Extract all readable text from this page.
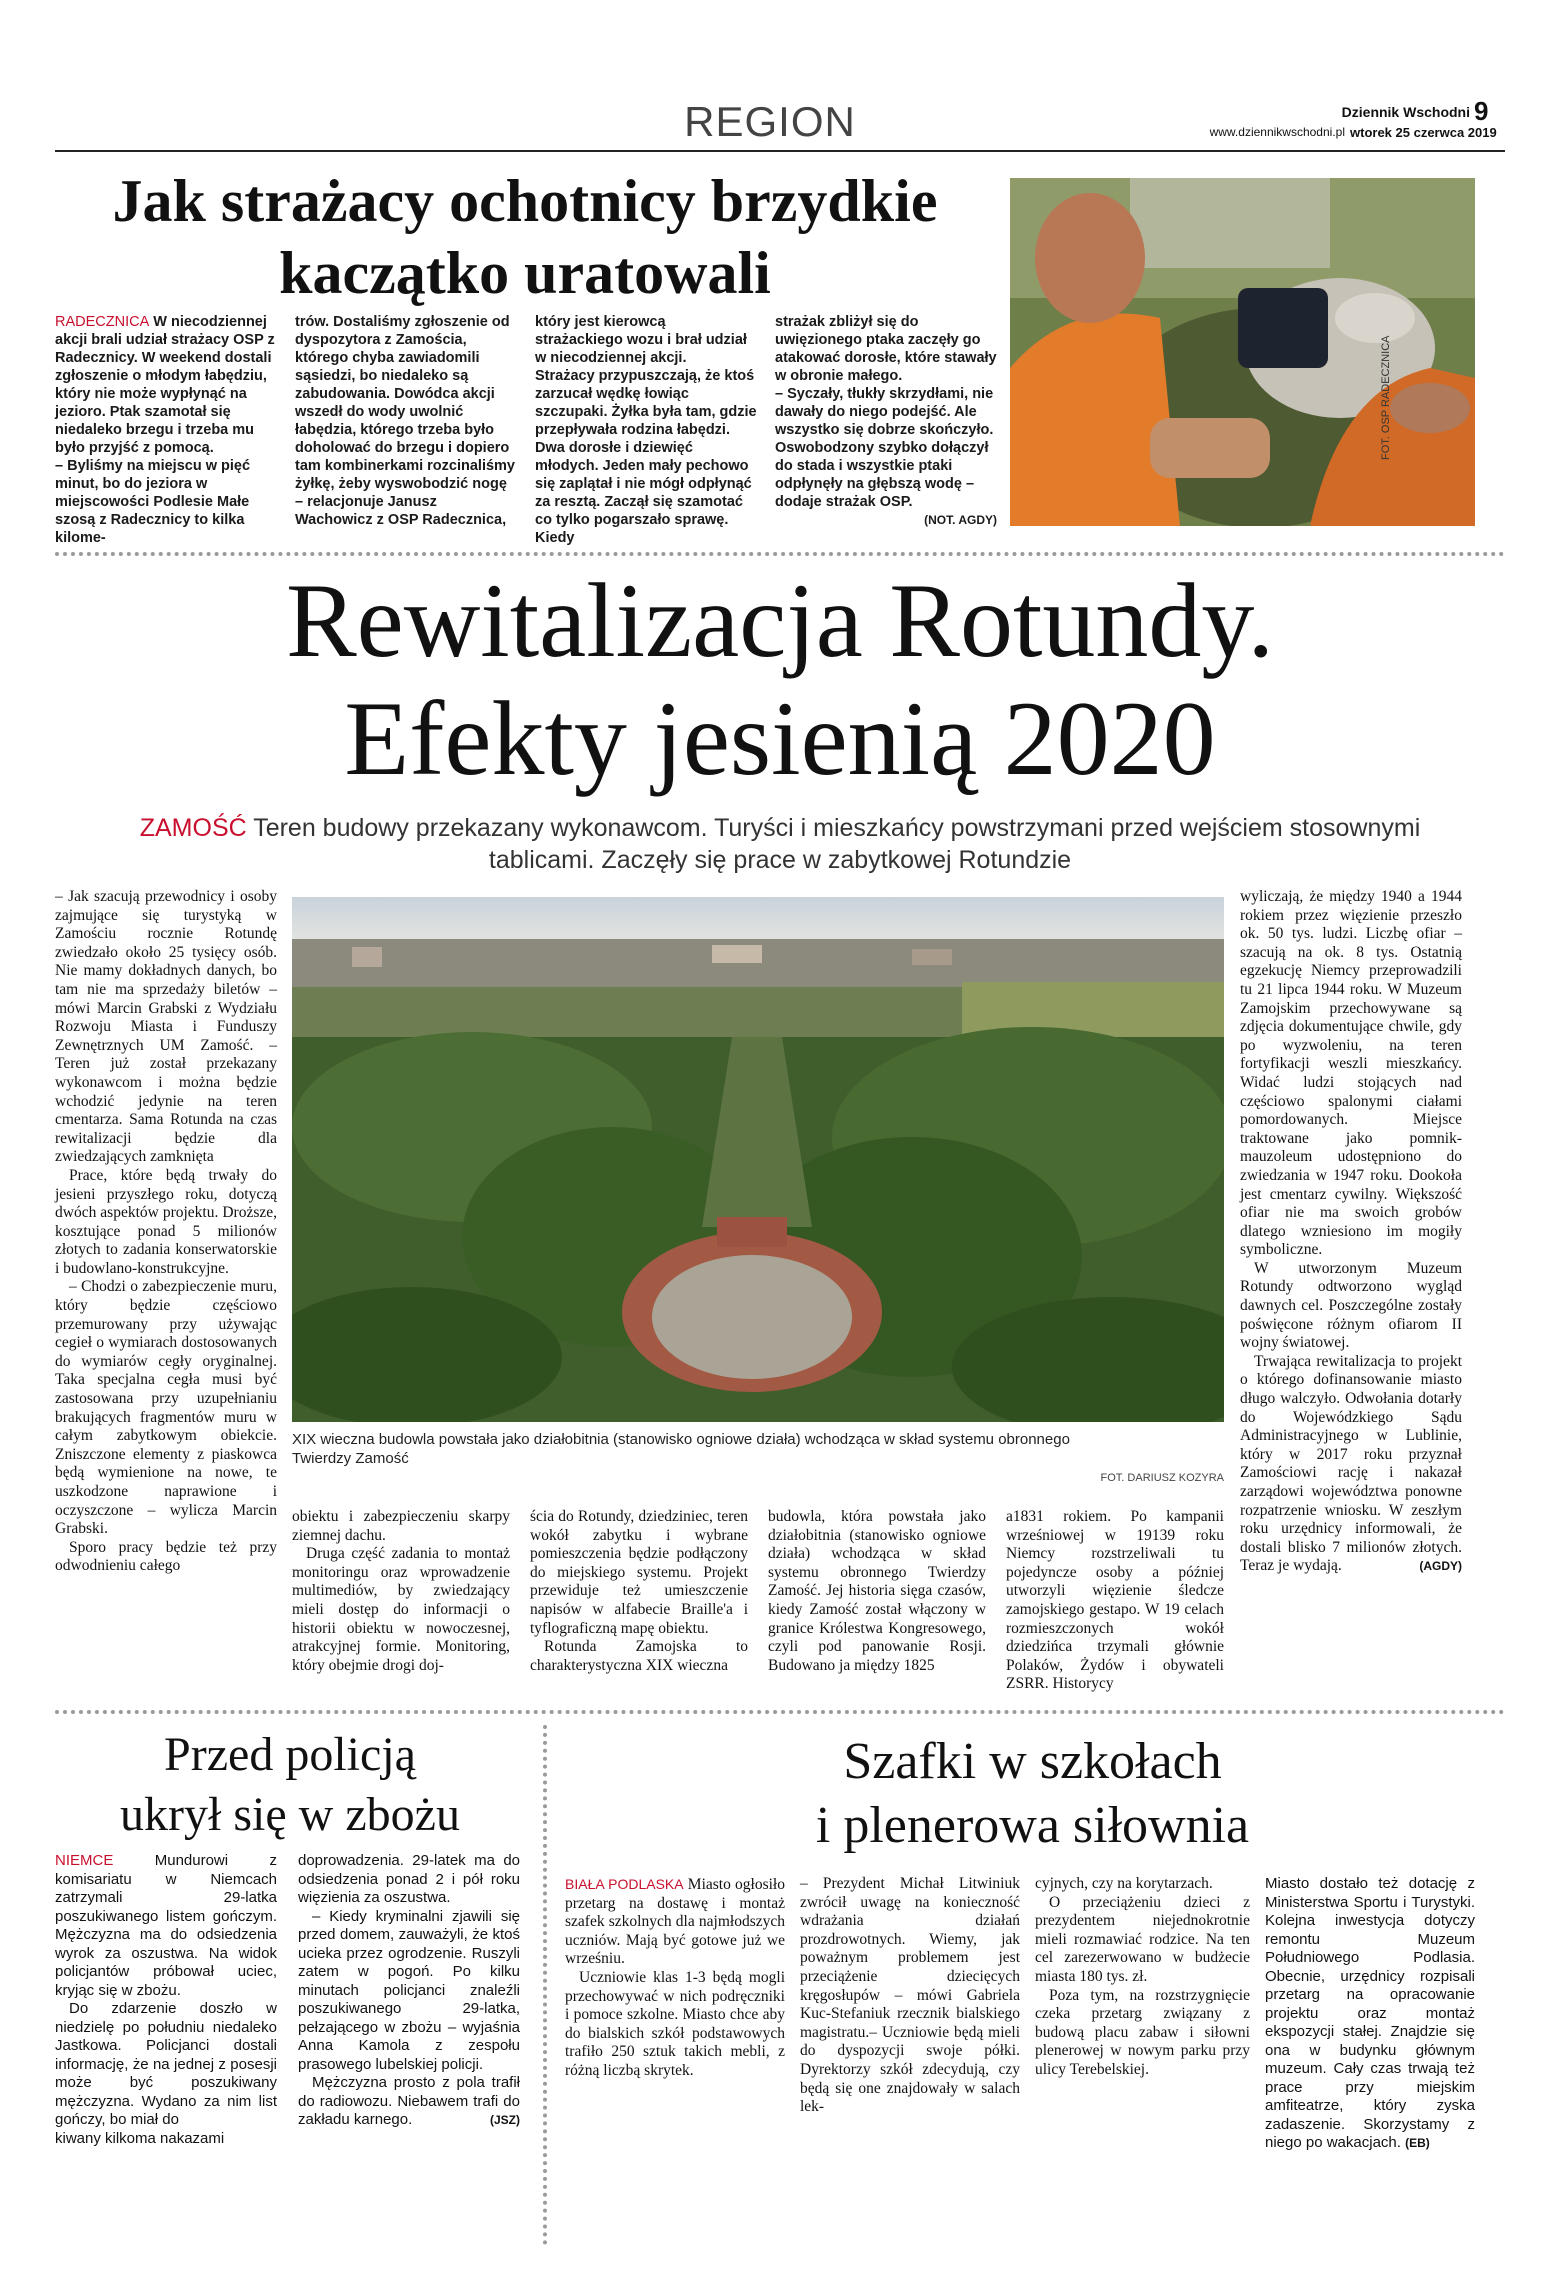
REGION	Dziennik Wschodni 9
www.dziennikwschodni.pl wtorek 25 czerwca 2019
Jak strażacy ochotnicy brzydkie
kaczątko uratowali

RADECZNICA W niecodziennej akcji brali udział strażacy OSP z Radecznicy. W weekend dostali zgłoszenie o młodym łabędziu, który nie może wypłynąć na jezioro. Ptak szamotał się niedaleko brzegu i trzeba mu było przyjść z pomocą.

– Byliśmy na miejscu w pięć minut, bo do jeziora w miejscowości Podlesie Małe szosą z Radecznicy to kilka kilome-

trów. Dostaliśmy zgłoszenie od dyspozytora z Zamościa, którego chyba zawiadomili sąsiedzi, bo niedaleko są zabudowania. Dowódca akcji wszedł do wody uwolnić łabędzia, którego trzeba było doholować do brzegu i dopiero tam kombinerkami rozcinaliśmy żyłkę, żeby wyswobodzić nogę – relacjonuje Janusz Wachowicz z OSP Radecznica,

który jest kierowcą strażackiego wozu i brał udział w niecodziennej akcji.

Strażacy przypuszczają, że ktoś zarzucał wędkę łowiąc szczupaki. Żyłka była tam, gdzie przepływała rodzina łabędzi. Dwa dorosłe i dziewięć młodych. Jeden mały pechowo się zaplątał i nie mógł odpłynąć za resztą. Zaczął się szamotać co tylko pogarszało sprawę. Kiedy

strażak zbliżył się do uwięzionego ptaka zaczęły go atakować dorosłe, które stawały w obronie małego.

– Syczały, tłukły skrzydłami, nie dawały do niego podejść. Ale wszystko się dobrze skończyło. Oswobodzony szybko dołączył do stada i wszystkie ptaki odpłynęły na głębszą wodę – dodaje strażak OSP.

(NOT. AGDY)
FOT. OSP RADECZNICA
Rewitalizacja Rotundy.
Efekty jesienią 2020
ZAMOŚĆ Teren budowy przekazany wykonawcom. Turyści i mieszkańcy powstrzymani przed wejściem stosownymi
tablicami. Zaczęły się prace w zabytkowej Rotundzie

– Jak szacują przewodnicy i osoby zajmujące się turystyką w Zamościu rocznie Rotundę zwiedzało około 25 tysięcy osób. Nie mamy dokładnych danych, bo tam nie ma sprzedaży biletów – mówi Marcin Grabski z Wydziału Rozwoju Miasta i Funduszy Zewnętrznych UM Zamość. – Teren już został przekazany wykonawcom i można będzie wchodzić jedynie na teren cmentarza. Sama Rotunda na czas rewitalizacji będzie dla zwiedzających zamknięta

Prace, które będą trwały do jesieni przyszłego roku, dotyczą dwóch aspektów projektu. Droższe, kosztujące ponad 5 milionów złotych to zadania konserwatorskie i budowlano-konstrukcyjne.

– Chodzi o zabezpieczenie muru, który będzie częściowo przemurowany przy używając cegieł o wymiarach dostosowanych do wymiarów cegły oryginalnej. Taka specjalna cegła musi być zastosowana przy uzupełnianiu brakujących fragmentów muru w całym zabytkowym obiekcie. Zniszczone elementy z piaskowca będą wymienione na nowe, te uszkodzone naprawione i oczyszczone – wylicza Marcin Grabski.

Sporo pracy będzie też przy odwodnieniu całego

XIX wieczna budowla powstała jako działobitnia (stanowisko ogniowe działa) wchodząca w skład systemu obronnego Twierdzy Zamość
FOT. DARIUSZ KOZYRA

obiektu i zabezpieczeniu skarpy ziemnej dachu.

Druga część zadania to montaż monitoringu oraz wprowadzenie multimediów, by zwiedzający mieli dostęp do informacji o historii obiektu w nowoczesnej, atrakcyjnej formie. Monitoring, który obejmie drogi doj-

ścia do Rotundy, dziedziniec, teren wokół zabytku i wybrane pomieszczenia będzie podłączony do miejskiego systemu. Projekt przewiduje też umieszczenie napisów w alfabecie Braille'a i tyflograficzną mapę obiektu.

Rotunda Zamojska to charakterystyczna XIX wieczna

budowla, która powstała jako działobitnia (stanowisko ogniowe działa) wchodząca w skład systemu obronnego Twierdzy Zamość. Jej historia sięga czasów, kiedy Zamość został włączony w granice Królestwa Kongresowego, czyli pod panowanie Rosji. Budowano ja między 1825

a1831 rokiem. Po kampanii wrześniowej w 19139 roku Niemcy rozstrzeliwali tu pojedyncze osoby a później utworzyli więzienie śledcze zamojskiego gestapo. W 19 celach rozmieszczonych wokół dziedzińca trzymali głównie Polaków, Żydów i obywateli ZSRR. Historycy

wyliczają, że między 1940 a 1944 rokiem przez więzienie przeszło ok. 50 tys. ludzi. Liczbę ofiar – szacują na ok. 8 tys. Ostatnią egzekucję Niemcy przeprowadzili tu 21 lipca 1944 roku. W Muzeum Zamojskim przechowywane są zdjęcia dokumentujące chwile, gdy po wyzwoleniu, na teren fortyfikacji weszli mieszkańcy. Widać ludzi stojących nad częściowo spalonymi ciałami pomordowanych. Miejsce traktowane jako pomnik-mauzoleum udostępniono do zwiedzania w 1947 roku. Dookoła jest cmentarz cywilny. Większość ofiar nie ma swoich grobów dlatego wzniesiono im mogiły symboliczne.

W utworzonym Muzeum Rotundy odtworzono wygląd dawnych cel. Poszczególne zostały poświęcone różnym ofiarom II wojny światowej.

Trwająca rewitalizacja to projekt o którego dofinansowanie miasto długo walczyło. Odwołania dotarły do Wojewódzkiego Sądu Administracyjnego w Lublinie, który w 2017 roku przyznał Zamościowi rację i nakazał zarządowi województwa ponowne rozpatrzenie wniosku. W zeszłym roku urzędnicy informowali, że dostali blisko 7 milionów złotych. Teraz je wydają.	(AGDY)

Przed policją
ukrył się w zbożu

NIEMCE	Mundurowi z komisariatu w Niemcach zatrzymali 29-latka poszukiwanego listem gończym. Mężczyzna ma do odsiedzenia wyrok za oszustwa. Na widok policjantów próbował uciec, kryjąc się w zbożu.

Do zdarzenie doszło w niedzielę po południu niedaleko Jastkowa. Policjanci dostali informację, że na jednej z posesji może być poszukiwany mężczyzna. Wydano za nim list gończy, bo miał do

kiwany kilkoma nakazami

doprowadzenia. 29-latek ma do odsiedzenia ponad 2 i pół roku więzienia za oszustwa.

– Kiedy kryminalni zjawili się przed domem, zauważyli, że ktoś ucieka przez ogrodzenie. Ruszyli zatem w pogoń. Po kilku minutach policjanci znaleźli poszukiwanego 29-latka, pełzającego w zbożu – wyjaśnia Anna Kamola z zespołu prasowego lubelskiej policji.

Mężczyzna prosto z pola trafił do radiowozu. Niebawem trafi do zakładu karnego.	(JSZ)

Szafki w szkołach
i plenerowa siłownia

BIAŁA PODLASKA Miasto ogłosiło przetarg na dostawę i montaż szafek szkolnych dla najmłodszych uczniów. Mają być gotowe już we wrześniu.

Uczniowie klas 1-3 będą mogli przechowywać w nich podręczniki i pomoce szkolne. Miasto chce aby do bialskich szkół podstawowych trafiło 250 sztuk takich mebli, z różną liczbą skrytek.

– Prezydent Michał Litwiniuk zwrócił uwagę na konieczność wdrażania działań prozdrowotnych. Wiemy, jak poważnym problemem jest przeciążenie dziecięcych kręgosłupów – mówi Gabriela Kuc-Stefaniuk rzecznik bialskiego magistratu.– Uczniowie będą mieli do dyspozycji swoje półki. Dyrektorzy szkół zdecydują, czy będą się one znajdowały w salach lek-

cyjnych, czy na korytarzach.

O przeciążeniu dzieci z prezydentem niejednokrotnie mieli rozmawiać rodzice. Na ten cel zarezerwowano w budżecie miasta 180 tys. zł.

Poza tym, na rozstrzygnięcie czeka przetarg związany z budową placu zabaw i siłowni plenerowej w nowym parku przy ulicy Terebelskiej.

Miasto dostało też dotację z Ministerstwa Sportu i Turystyki. Kolejna inwestycja dotyczy remontu Muzeum Południowego Podlasia. Obecnie, urzędnicy rozpisali przetarg na opracowanie projektu oraz montaż ekspozycji stałej. Znajdzie się ona w budynku głównym muzeum. Cały czas trwają też prace przy miejskim amfiteatrze, który zyska zadaszenie. Skorzystamy z niego po wakacjach. (EB)
